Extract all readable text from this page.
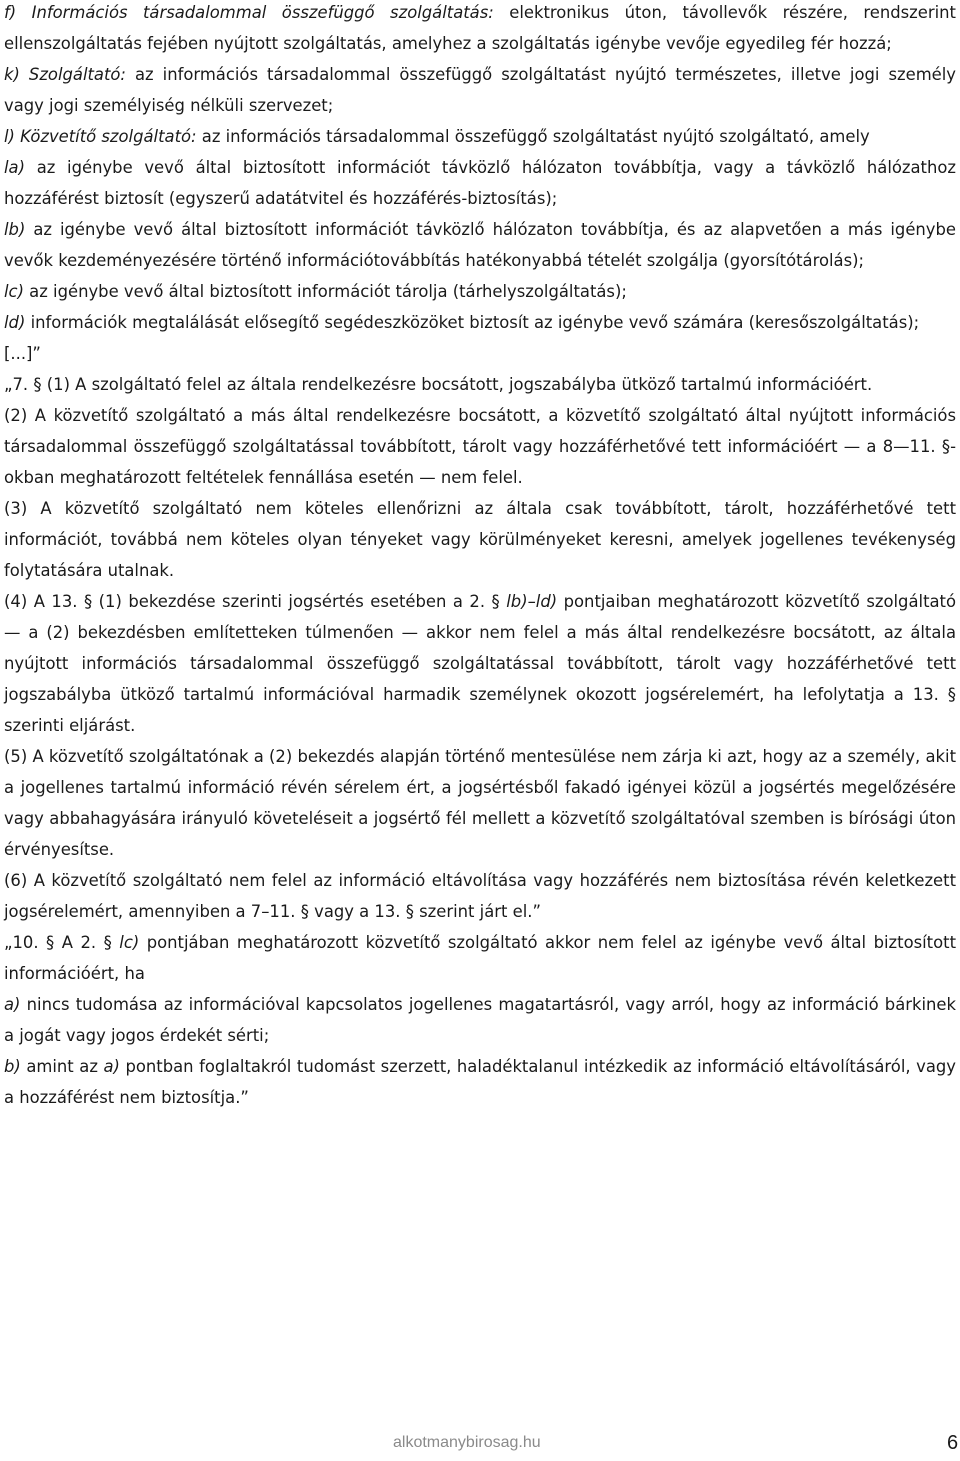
f) Információs társadalommal összefüggő szolgáltatás: elektronikus úton, távollevők részére, rendszerint ellenszolgáltatás fejében nyújtott szolgáltatás, amelyhez a szolgáltatás igénybe vevője egyedileg fér hozzá;

k) Szolgáltató: az információs társadalommal összefüggő szolgáltatást nyújtó természetes, illetve jogi személy vagy jogi személyiség nélküli szervezet;

l) Közvetítő szolgáltató: az információs társadalommal összefüggő szolgáltatást nyújtó szolgáltató, amely

la) az igénybe vevő által biztosított információt távközlő hálózaton továbbítja, vagy a távközlő hálózathoz hozzáférést biztosít (egyszerű adatátvitel és hozzáférés-biztosítás);

lb) az igénybe vevő által biztosított információt távközlő hálózaton továbbítja, és az alapvetően a más igénybe vevők kezdeményezésére történő információtovábbítás hatékonyabbá tételét szolgálja (gyorsítótárolás);

lc) az igénybe vevő által biztosított információt tárolja (tárhelyszolgáltatás);

ld) információk megtalálását elősegítő segédeszközöket biztosít az igénybe vevő számára (keresőszolgáltatás);

[...]”

„7. § (1) A szolgáltató felel az általa rendelkezésre bocsátott, jogszabályba ütköző tartalmú információért.

(2) A közvetítő szolgáltató a más által rendelkezésre bocsátott, a közvetítő szolgáltató által nyújtott információs társadalommal összefüggő szolgáltatással továbbított, tárolt vagy hozzáférhetővé tett információért — a 8—11. §-okban meghatározott feltételek fennállása esetén — nem felel.

(3) A közvetítő szolgáltató nem köteles ellenőrizni az általa csak továbbított, tárolt, hozzáférhetővé tett információt, továbbá nem köteles olyan tényeket vagy körülményeket keresni, amelyek jogellenes tevékenység folytatására utalnak.

(4) A 13. § (1) bekezdése szerinti jogsértés esetében a 2. § lb)–ld) pontjaiban meghatározott közvetítő szolgáltató — a (2) bekezdésben említetteken túlmenően — akkor nem felel a más által rendelkezésre bocsátott, az általa nyújtott információs társadalommal összefüggő szolgáltatással továbbított, tárolt vagy hozzáférhetővé tett jogszabályba ütköző tartalmú információval harmadik személynek okozott jogsérelemért, ha lefolytatja a 13. § szerinti eljárást.

(5) A közvetítő szolgáltatónak a (2) bekezdés alapján történő mentesülése nem zárja ki azt, hogy az a személy, akit a jogellenes tartalmú információ révén sérelem ért, a jogsértésből fakadó igényei közül a jogsértés megelőzésére vagy abbahagyására irányuló követeléseit a jogsértő fél mellett a közvetítő szolgáltatóval szemben is bírósági úton érvényesítse.

(6) A közvetítő szolgáltató nem felel az információ eltávolítása vagy hozzáférés nem biztosítása révén keletkezett jogsérelemért, amennyiben a 7–11. § vagy a 13. § szerint járt el.”

„10. § A 2. § lc) pontjában meghatározott közvetítő szolgáltató akkor nem felel az igénybe vevő által biztosított információért, ha

a) nincs tudomása az információval kapcsolatos jogellenes magatartásról, vagy arról, hogy az információ bárkinek a jogát vagy jogos érdekét sérti;

b) amint az a) pontban foglaltakról tudomást szerzett, haladéktalanul intézkedik az információ eltávolításáról, vagy a hozzáférést nem biztosítja.”

alkotmanybirosag.hu	6
